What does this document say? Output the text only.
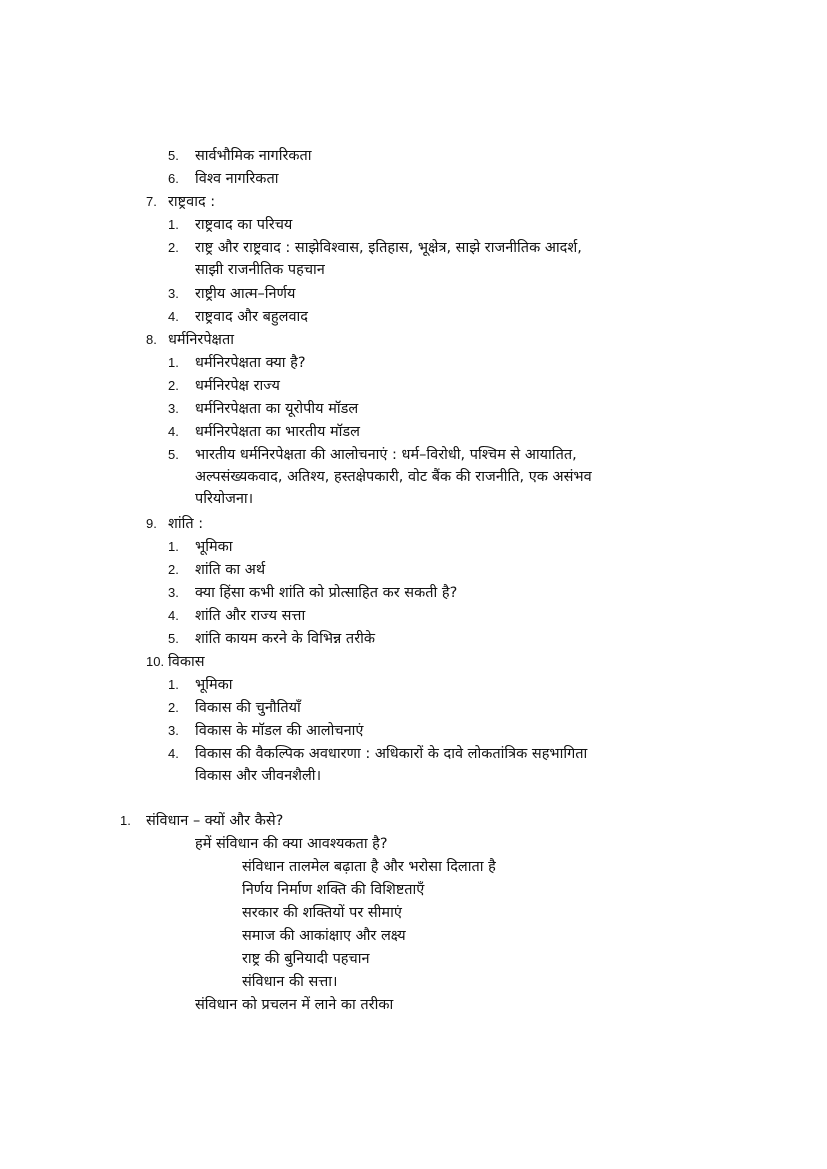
5. सार्वभौमिक नागरिकता
6. विश्व नागरिकता
7. राष्ट्रवाद :
1. राष्ट्रवाद का परिचय
2. राष्ट्र और राष्ट्रवाद : साझेविश्वास, इतिहास, भूक्षेत्र, साझे राजनीतिक आदर्श,
साझी राजनीतिक पहचान
3. राष्ट्रीय आत्म–निर्णय
4. राष्ट्रवाद और बहुलवाद
8. धर्मनिरपेक्षता
1. धर्मनिरपेक्षता क्या है?
2. धर्मनिरपेक्ष राज्य
3. धर्मनिरपेक्षता का यूरोपीय मॉडल
4. धर्मनिरपेक्षता का भारतीय मॉडल
5. भारतीय धर्मनिरपेक्षता की आलोचनाएं : धर्म–विरोधी, पश्चिम से आयातित,
अल्पसंख्यकवाद, अतिश्य, हस्तक्षेपकारी, वोट बैंक की राजनीति, एक असंभव
परियोजना।
9. शांति :
1. भूमिका
2. शांति का अर्थ
3. क्या हिंसा कभी शांति को प्रोत्साहित कर सकती है?
4. शांति और राज्य सत्ता
5. शांति कायम करने के विभिन्न तरीके
10. विकास
1. भूमिका
2. विकास की चुनौतियाँ
3. विकास के मॉडल की आलोचनाएं
4. विकास की वैकल्पिक अवधारणा : अधिकारों के दावे लोकतांत्रिक सहभागिता
विकास और जीवनशैली।
1. संविधान – क्यों और कैसे?
हमें संविधान की क्या आवश्यकता है?
संविधान तालमेल बढ़ाता है और भरोसा दिलाता है
निर्णय निर्माण शक्ति की विशिष्टताएँ
सरकार की शक्तियों पर सीमाएं
समाज की आकांक्षाए और लक्ष्य
राष्ट्र की बुनियादी पहचान
संविधान की सत्ता।
संविधान को प्रचलन में लाने का तरीका
